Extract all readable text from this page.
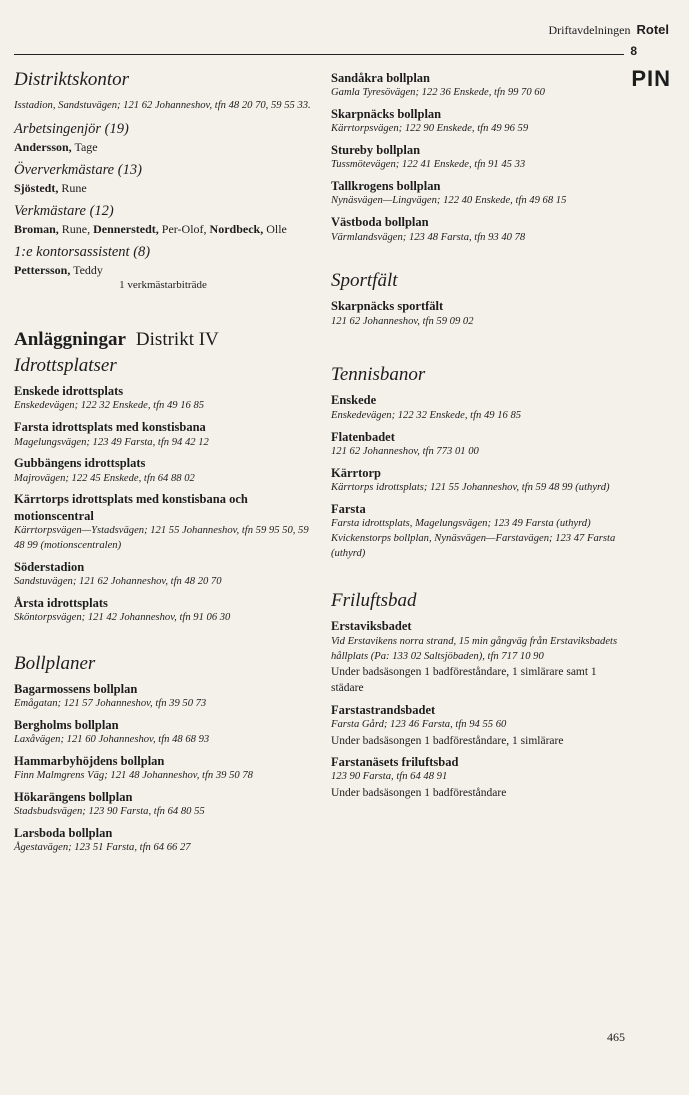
Driftavdelningen Rotel
8
PIN
Distriktskontor
Isstadion, Sandstuvägen; 121 62 Johanneshov, tfn 48 20 70, 59 55 33.
Arbetsingenjör (19)
Andersson, Tage
Öververkmästare (13)
Sjöstedt, Rune
Verkmästare (12)
Broman, Rune, Dennerstedt, Per-Olof, Nordbeck, Olle
1:e kontorsassistent (8)
Pettersson, Teddy
1 verkmästarbiträde
Anläggningar Distrikt IV
Idrottsplatser
Enskede idrottsplats
Enskedevägen; 122 32 Enskede, tfn 49 16 85
Farsta idrottsplats med konstisbana
Magelungsvägen; 123 49 Farsta, tfn 94 42 12
Gubbängens idrottsplats
Majrovägen; 122 45 Enskede, tfn 64 88 02
Kärrtorps idrottsplats med konstisbana och motionscentral
Kärrtorpsvägen—Ystadsvägen; 121 55 Johanneshov, tfn 59 95 50, 59 48 99 (motionscentralen)
Söderstadion
Sandstuvägen; 121 62 Johanneshov, tfn 48 20 70
Årsta idrottsplats
Sköntorpsvägen; 121 42 Johanneshov, tfn 91 06 30
Bollplaner
Bagarmossens bollplan
Emågatan; 121 57 Johanneshov, tfn 39 50 73
Bergholms bollplan
Laxåvägen; 121 60 Johanneshov, tfn 48 68 93
Hammarbyhöjdens bollplan
Finn Malmgrens Väg; 121 48 Johanneshov, tfn 39 50 78
Hökarängens bollplan
Stadsbudsvägen; 123 90 Farsta, tfn 64 80 55
Larsboda bollplan
Ågestavägen; 123 51 Farsta, tfn 64 66 27
Sandåkra bollplan
Gamla Tyresövägen; 122 36 Enskede, tfn 99 70 60
Skarpnäcks bollplan
Kärrtorpsvägen; 122 90 Enskede, tfn 49 96 59
Stureby bollplan
Tussmötevägen; 122 41 Enskede, tfn 91 45 33
Tallkrogens bollplan
Nynäsvägen—Lingvägen; 122 40 Enskede, tfn 49 68 15
Västboda bollplan
Värmlandsvägen; 123 48 Farsta, tfn 93 40 78
Sportfält
Skarpnäcks sportfält
121 62 Johanneshov, tfn 59 09 02
Tennisbanor
Enskede
Enskedevägen; 122 32 Enskede, tfn 49 16 85
Flatenbadet
121 62 Johanneshov, tfn 773 01 00
Kärrtorp
Kärrtorps idrottsplats; 121 55 Johanneshov, tfn 59 48 99 (uthyrd)
Farsta
Farsta idrottsplats, Magelungsvägen; 123 49 Farsta (uthyrd)
Kvickenstorps bollplan, Nynäsvägen—Farstavägen; 123 47 Farsta (uthyrd)
Friluftsbad
Erstaviksbadet
Vid Erstavikens norra strand, 15 min gångväg från Erstaviksbadets hållplats (Pa: 133 02 Saltsjöbaden), tfn 717 10 90
Under badsäsongen 1 badföreståndare, 1 simlärare samt 1 städare
Farstastrandsbadet
Farsta Gård; 123 46 Farsta, tfn 94 55 60
Under badsäsongen 1 badföreståndare, 1 simlärare
Farstanäsets friluftsbad
123 90 Farsta, tfn 64 48 91
Under badsäsongen 1 badföreståndare
465
